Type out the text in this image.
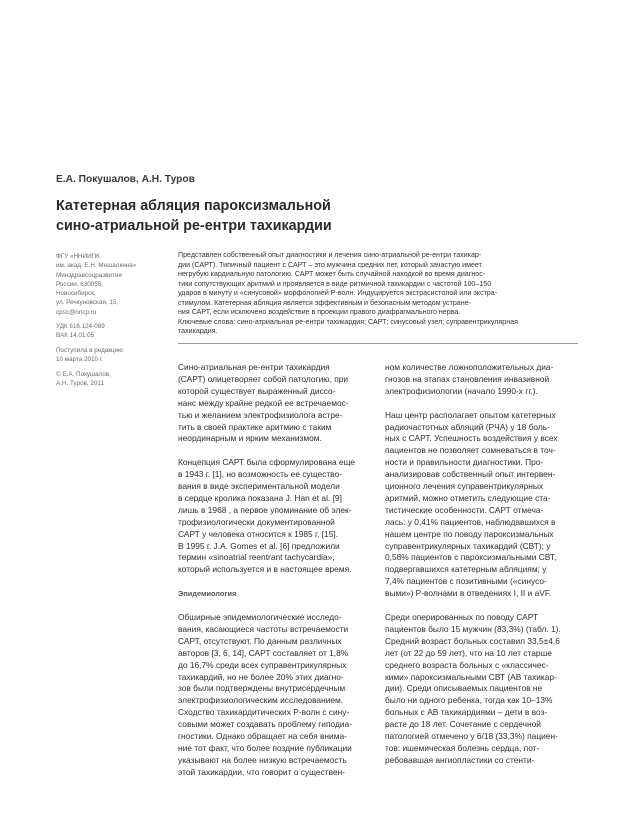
Е.А. Покушалов, А.Н. Туров

Катетерная абляция пароксизмальной
сино-атриальной ре-ентри тахикардии
ФГУ «ННИИПК
им. акад. Е.Н. Мешалкина»
Минздравсоцразвития
России, 630055,
Новосибирск,
ул. Речкуновская, 15,
cpsc@nricp.ru
УДК 616.124-089
ВАК 14.01.05
Поступила в редакцию
10 марта 2010 г.
© Е.А. Покушалов,
А.Н. Туров, 2011
Представлен собственный опыт диагностики и лечения сино-атриальной ре-ентри тахикар-
дии (САРТ). Типичный пациент с САРТ – это мужчина средних лет, который зачастую имеет
негрубую кардиальную патологию. САРТ может быть случайной находкой во время диагнос-
тики сопутствующих аритмий и проявляется в виде ритмичной тахикардии с частотой 100–150
ударов в минуту и «синусовой» морфологией Р-волн. Индуцируется экстрасистолой или экстра-
стимулом. Катетерная абляция является эффективным и безопасным методом устране-
ния САРТ, если исключено воздействие в проекции правого диафрагмального нерва.
Ключевые слова: сино-атриальная ре-ентри тахикардия; САРТ; синусовый узел; суправентрикулярная
тахикардия.

Сино-атриальная ре-ентри тахикардия
(САРТ) олицетворяет собой патологию, при
которой существует выраженный диссо-
нанс между крайне редкой ее встречаемос-
тью и желанием электрофизиолога встре-
тить в своей практике аритмию с таким
неординарным и ярким механизмом.

Концепция САРТ была сформулирована еще
в 1943 г. [1], но возможность ее существо-
вания в виде экспериментальной модели
в сердце кролика показана J. Han et al. [9]
лишь в 1968 , а первое упоминание об элек-
трофизиологически документированной
САРТ у человека относится к 1985 г. [15].
В 1995 г. J.A. Gomes et al. [6] предложили
термин «sinoatrial reentrant tachycardia»,
который используется и в настоящее время.

Эпидемиология

Обширные эпидемиологические исследо-
вания, касающиеся частоты встречаемости
САРТ, отсутствуют. По данным различных
авторов [3, 6, 14], САРТ составляет от 1,8%
до 16,7% среди всех суправентрикулярных
тахикардий, но не более 20% этих диагно-
зов были подтверждены внутрисердечным
электрофизиологическим исследованием.
Сходство тахикардитических Р-волн с сину-
совыми может создавать проблему гиподиа-
гностики. Однако обращает на себя внима-
ние тот факт, что более поздние публикации
указывают на более низкую встречаемость
этой тахикардии, что говорит о существен-

ном количестве ложноположительных диа-
гнозов на этапах становления инвазивной
электрофизиологии (начало 1990-х гг.).

Наш центр располагает опытом катетерных
радиочастотных абляций (РЧА) у 18 боль-
ных с САРТ. Успешность воздействия у всех
пациентов не позволяет сомневаться в точ-
ности и правильности диагностики. Про-
анализировав собственный опыт интервен-
ционного лечения суправентрикулярных
аритмий, можно отметить следующие ста-
тистические особенности. САРТ отмеча-
лась: у 0,41% пациентов, наблюдавшихся в
нашем центре по поводу пароксизмальных
суправентрикулярных тахикардий (СВТ); у
0,58% пациентов с пароксизмальными СВТ,
подвергавшихся катетерным абляциям; у
7,4% пациентов с позитивными («синусо-
выми») Р-волнами в отведениях I, II и aVF.

Среди оперированных по поводу САРТ
пациентов было 15 мужчин (83,3%) (табл. 1).
Средний возраст больных составил 33,5±4,6
лет (от 22 до 59 лет), что на 10 лет старше
среднего возраста больных с «классичес-
кими» пароксизмальными СВТ (АВ тахикар-
дии). Среди описываемых пациентов не
было ни одного ребенка, тогда как 10–13%
больных с АВ тахикардиями – дети в воз-
расте до 18 лет. Сочетание с сердечной
патологией отмечено у 6/18 (33,3%) пациен-
тов: ишемическая болезнь сердца, пот-
ребовавшая ангиопластики со стенти-
